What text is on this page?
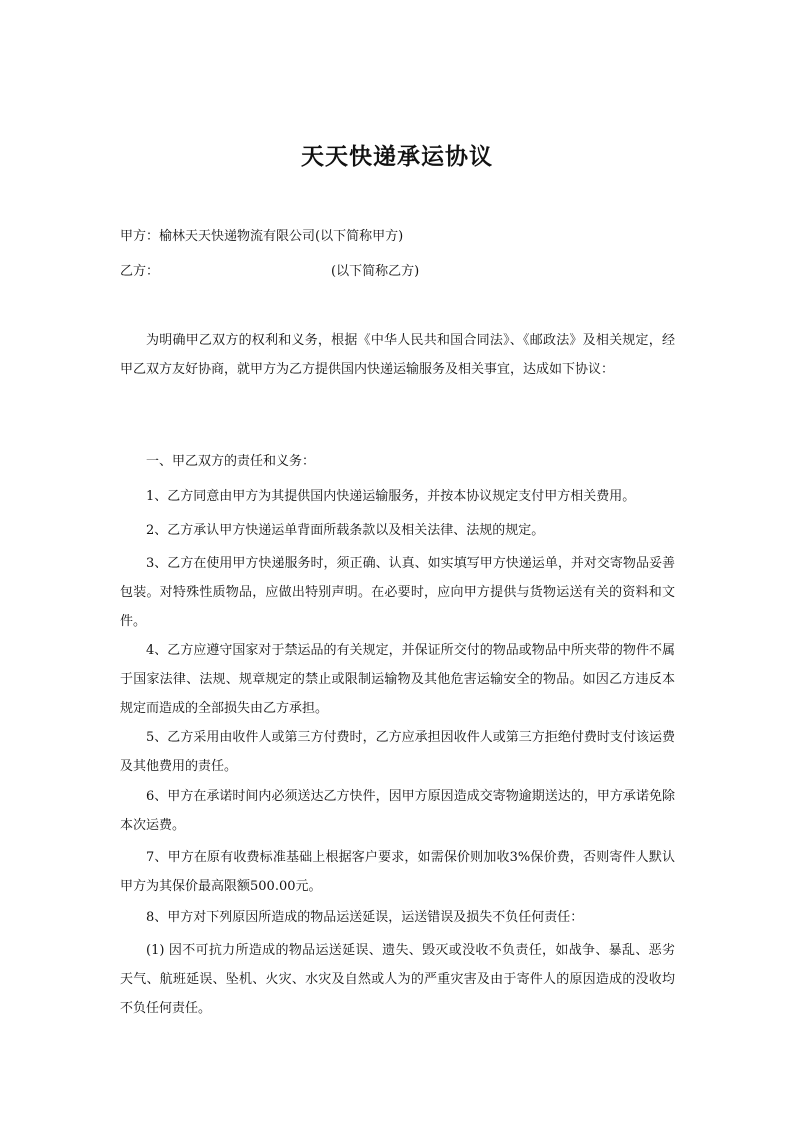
天天快递承运协议
甲方：榆林天天快递物流有限公司(以下简称甲方)
乙方：	(以下简称乙方)

为明确甲乙双方的权利和义务，根据《中华人民共和国合同法》、《邮政法》及相关规定，经甲乙双方友好协商，就甲方为乙方提供国内快递运输服务及相关事宜，达成如下协议：

一、甲乙双方的责任和义务：

1、乙方同意由甲方为其提供国内快递运输服务，并按本协议规定支付甲方相关费用。

2、乙方承认甲方快递运单背面所载条款以及相关法律、法规的规定。

3、乙方在使用甲方快递服务时，须正确、认真、如实填写甲方快递运单，并对交寄物品妥善包装。对特殊性质物品，应做出特别声明。在必要时，应向甲方提供与货物运送有关的资料和文件。

4、乙方应遵守国家对于禁运品的有关规定，并保证所交付的物品或物品中所夹带的物件不属于国家法律、法规、规章规定的禁止或限制运输物及其他危害运输安全的物品。如因乙方违反本规定而造成的全部损失由乙方承担。

5、乙方采用由收件人或第三方付费时，乙方应承担因收件人或第三方拒绝付费时支付该运费及其他费用的责任。

6、甲方在承诺时间内必须送达乙方快件，因甲方原因造成交寄物逾期送达的，甲方承诺免除本次运费。

7、甲方在原有收费标准基础上根据客户要求，如需保价则加收3%保价费，否则寄件人默认甲方为其保价最高限额500.00元。

8、甲方对下列原因所造成的物品运送延误，运送错误及损失不负任何责任：

(1) 因不可抗力所造成的物品运送延误、遗失、毁灭或没收不负责任，如战争、暴乱、恶劣天气、航班延误、坠机、火灾、水灾及自然或人为的严重灾害及由于寄件人的原因造成的没收均不负任何责任。
